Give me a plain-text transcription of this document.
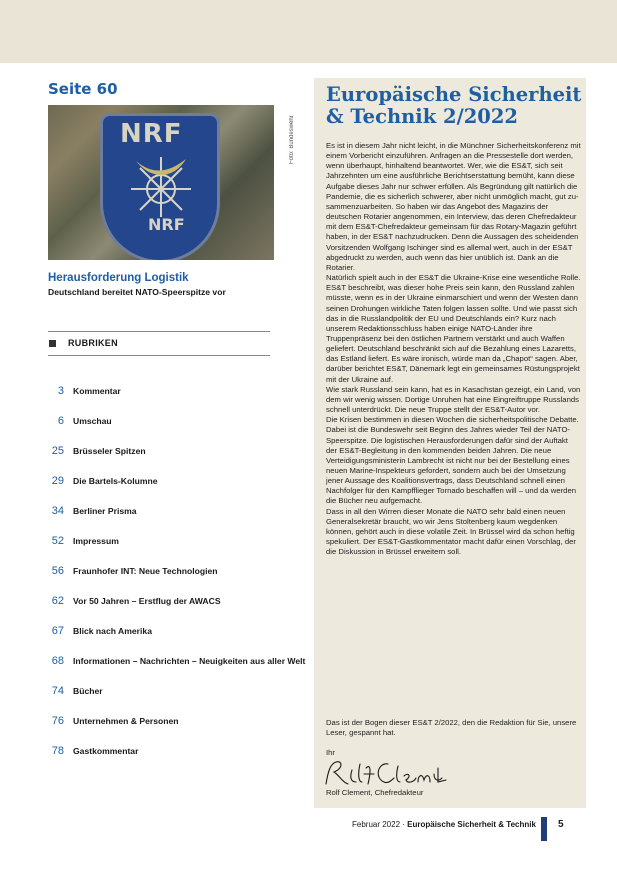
Seite 60
NRF
NRF
Herausforderung Logistik
Deutschland bereitet NATO-Speerspitze vor
Foto: Bundeswehr
RUBRIKEN
3 Kommentar
6 Umschau
25 Brüsseler Spitzen
29 Die Bartels-Kolumne
34 Berliner Prisma
52 Impressum
56 Fraunhofer INT: Neue Technologien
62 Vor 50 Jahren – Erstflug der AWACS
67 Blick nach Amerika
68 Informationen – Nachrichten – Neuigkeiten aus aller Welt
74 Bücher
76 Unternehmen & Personen
78 Gastkommentar
Europäische Sicherheit
& Technik 2/2022

Es ist in diesem Jahr nicht leicht, in die Münchner Sicherheitskonferenz mit einem Vorbericht einzuführen. Anfragen an die Pressestelle dort werden, wenn überhaupt, hinhaltend beantwortet. Wer, wie die ES&T, sich seit Jahrzehnten um eine ausführliche Berichtserstattung bemüht, kann diese Aufgabe dieses Jahr nur schwer erfüllen. Als Begründung gilt natürlich die Pandemie, die es sicherlich schwerer, aber nicht unmöglich macht, gut zusammenzuarbeiten. So haben wir das Angebot des Magazins der deutschen Rotarier angenommen, ein Interview, das deren Chefredakteur mit dem ES&T-Chefredakteur gemeinsam für das Rotary-Magazin geführt haben, in der ES&T nachzudrucken. Denn die Aussagen des scheidenden Vorsitzenden Wolfgang Ischinger sind es allemal wert, auch in der ES&T abgedruckt zu werden, auch wenn das hier unüblich ist. Dank an die Rotarier.

Natürlich spielt auch in der ES&T die Ukraine-Krise eine wesentliche Rolle. ES&T beschreibt, was dieser hohe Preis sein kann, den Russland zahlen müsste, wenn es in der Ukraine einmarschiert und wenn der Westen dann seinen Drohungen wirkliche Taten folgen lassen sollte. Und wie passt sich das in die Russlandpolitik der EU und Deutschlands ein? Kurz nach unserem Redaktionsschluss haben einige NATO-Länder ihre Truppenpräsenz bei den östlichen Partnern verstärkt und auch Waffen geliefert. Deutschland beschränkt sich auf die Bezahlung eines Lazaretts, das Estland liefert. Es wäre ironisch, würde man da „Chapot“ sagen. Aber, darüber berichtet ES&T, Dänemark legt ein gemeinsames Rüstungsprojekt mit der Ukraine auf.

Wie stark Russland sein kann, hat es in Kasachstan gezeigt, ein Land, von dem wir wenig wissen. Dortige Unruhen hat eine Eingreiftruppe Russlands schnell unterdrückt. Die neue Truppe stellt der ES&T-Autor vor.

Die Krisen bestimmen in diesen Wochen die sicherheitspolitische Debatte. Dabei ist die Bundeswehr seit Beginn des Jahres wieder Teil der NATO-Speerspitze. Die logistischen Herausforderungen dafür sind der Auftakt der ES&T-Begleitung in den kommenden beiden Jahren. Die neue Verteidigungsministerin Lambrecht ist nicht nur bei der Bestellung eines neuen Marine-Inspekteurs gefordert, sondern auch bei der Umsetzung jener Aussage des Koalitionsvertrags, dass Deutschland schnell einen Nachfolger für den Kampfflieger Tornado beschaffen will – und da werden die Bücher neu aufgemacht.

Dass in all den Wirren dieser Monate die NATO sehr bald einen neuen Generalsekretär braucht, wo wir Jens Stoltenberg kaum wegdenken können, gehört auch in diese volatile Zeit. In Brüssel wird da schon heftig spekuliert. Der ES&T-Gastkommentator macht dafür einen Vorschlag, der die Diskussion in Brüssel erweitern soll.

Das ist der Bogen dieser ES&T 2/2022, den die Redaktion für Sie, unsere Leser, gespannt hat.
Ihr
Rolf Clement, Chefredakteur
Februar 2022 · Europäische Sicherheit & Technik 5
